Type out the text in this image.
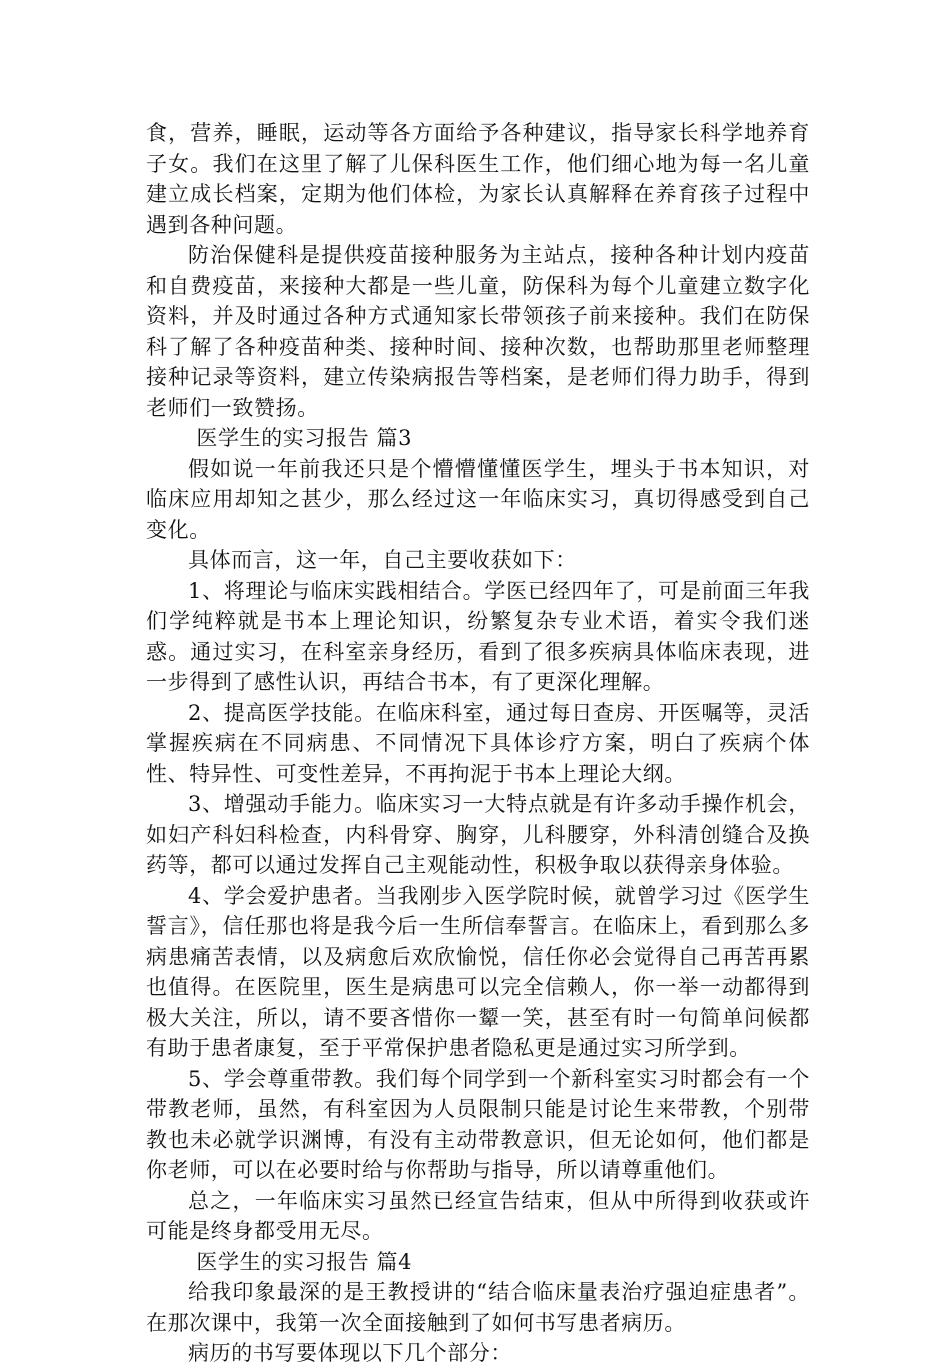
食，营养，睡眠，运动等各方面给予各种建议，指导家长科学地养育子女。我们在这里了解了儿保科医生工作，他们细心地为每一名儿童建立成长档案，定期为他们体检，为家长认真解释在养育孩子过程中遇到各种问题。

防治保健科是提供疫苗接种服务为主站点，接种各种计划内疫苗和自费疫苗，来接种大都是一些儿童，防保科为每个儿童建立数字化资料，并及时通过各种方式通知家长带领孩子前来接种。我们在防保科了解了各种疫苗种类、接种时间、接种次数，也帮助那里老师整理接种记录等资料，建立传染病报告等档案，是老师们得力助手，得到老师们一致赞扬。

医学生的实习报告 篇3

假如说一年前我还只是个懵懵懂懂医学生，埋头于书本知识，对临床应用却知之甚少，那么经过这一年临床实习，真切得感受到自己变化。

具体而言，这一年，自己主要收获如下：

1、将理论与临床实践相结合。学医已经四年了，可是前面三年我们学纯粹就是书本上理论知识，纷繁复杂专业术语，着实令我们迷惑。通过实习，在科室亲身经历，看到了很多疾病具体临床表现，进一步得到了感性认识，再结合书本，有了更深化理解。

2、提高医学技能。在临床科室，通过每日查房、开医嘱等，灵活掌握疾病在不同病患、不同情况下具体诊疗方案，明白了疾病个体性、特异性、可变性差异，不再拘泥于书本上理论大纲。

3、增强动手能力。临床实习一大特点就是有许多动手操作机会，如妇产科妇科检查，内科骨穿、胸穿，儿科腰穿，外科清创缝合及换药等，都可以通过发挥自己主观能动性，积极争取以获得亲身体验。

4、学会爱护患者。当我刚步入医学院时候，就曾学习过《医学生誓言》，信任那也将是我今后一生所信奉誓言。在临床上，看到那么多病患痛苦表情，以及病愈后欢欣愉悦，信任你必会觉得自己再苦再累也值得。在医院里，医生是病患可以完全信赖人，你一举一动都得到极大关注，所以，请不要吝惜你一颦一笑，甚至有时一句简单问候都有助于患者康复，至于平常保护患者隐私更是通过实习所学到。

5、学会尊重带教。我们每个同学到一个新科室实习时都会有一个带教老师，虽然，有科室因为人员限制只能是讨论生来带教，个别带教也未必就学识渊博，有没有主动带教意识，但无论如何，他们都是你老师，可以在必要时给与你帮助与指导，所以请尊重他们。

总之，一年临床实习虽然已经宣告结束，但从中所得到收获或许可能是终身都受用无尽。

医学生的实习报告 篇4

给我印象最深的是王教授讲的“结合临床量表治疗强迫症患者”。在那次课中，我第一次全面接触到了如何书写患者病历。

病历的书写要体现以下几个部分：
